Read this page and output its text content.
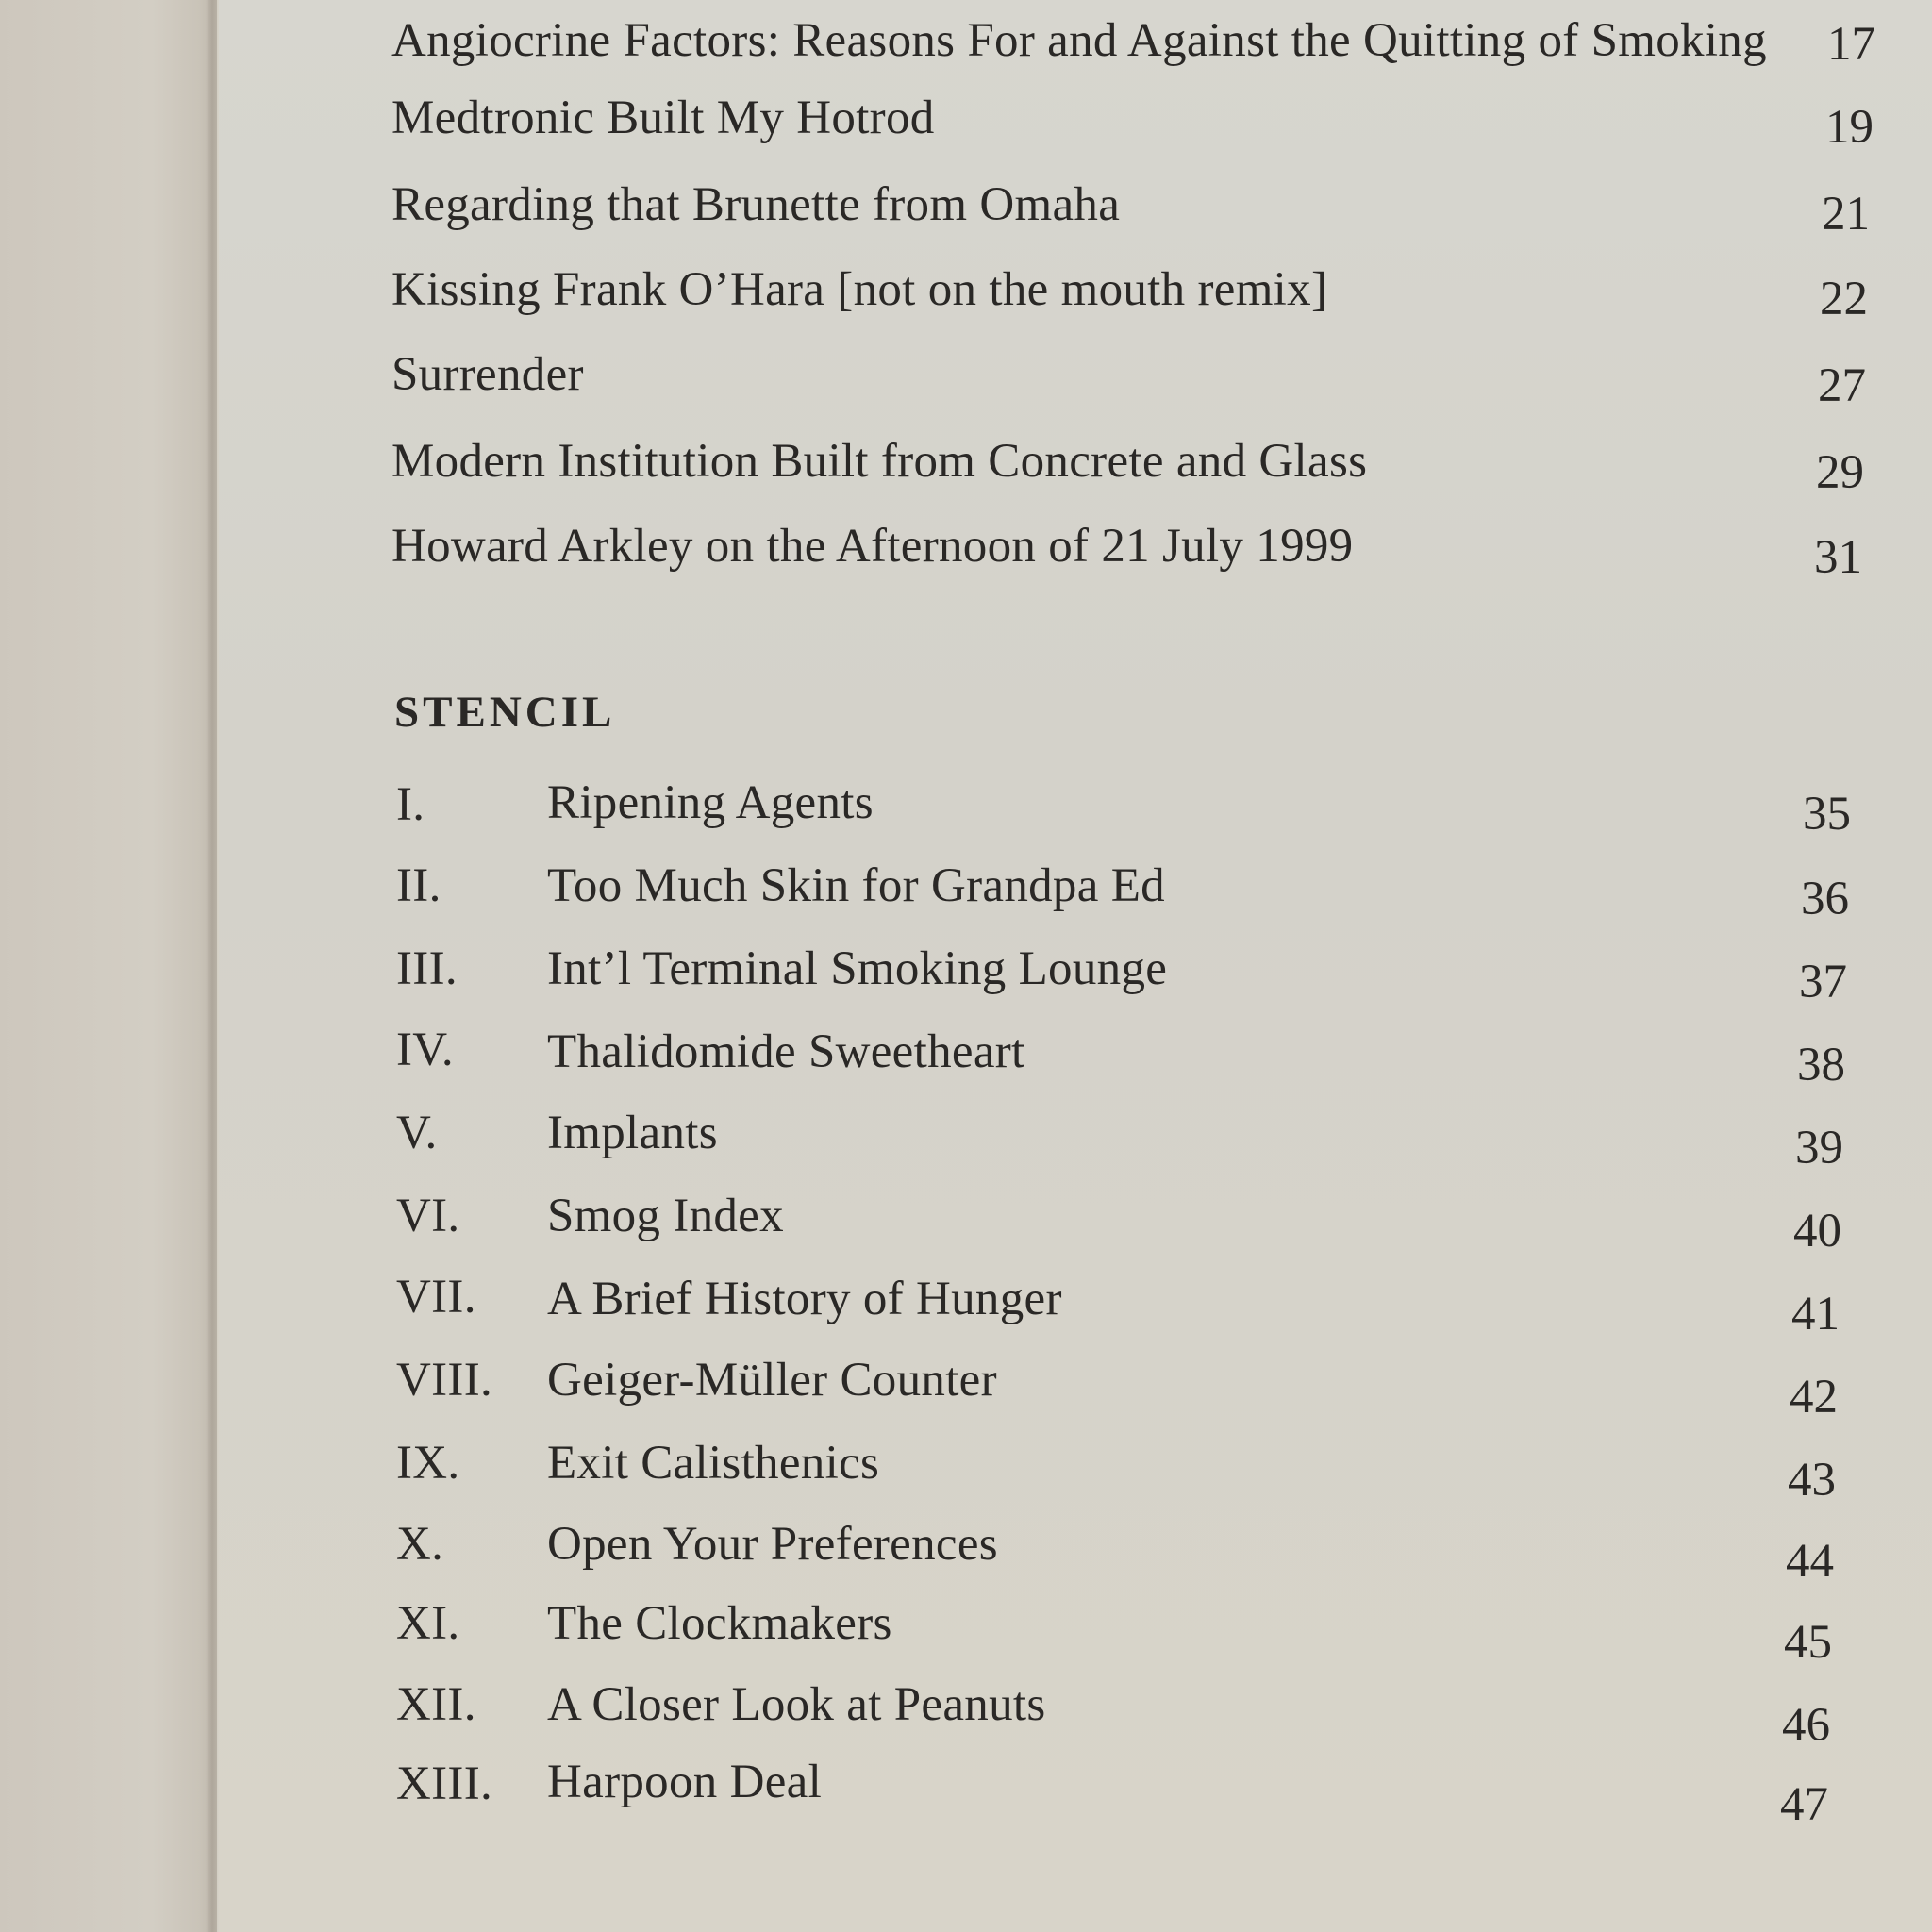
Angiocrine Factors: Reasons For and Against the Quitting of Smoking	17
Medtronic Built My Hotrod	19
Regarding that Brunette from Omaha	21
Kissing Frank O’Hara [not on the mouth remix]	22
Surrender	27
Modern Institution Built from Concrete and Glass	29
Howard Arkley on the Afternoon of 21 July 1999	31
STENCIL
I.	Ripening Agents	35
II. Too Much Skin for Grandpa Ed	36
III. Int’l Terminal Smoking Lounge	37
IV. Thalidomide Sweetheart	38
V. Implants	39
VI. Smog Index	40
VII. A Brief History of Hunger	41
VIII. Geiger-Müller Counter	42
IX. Exit Calisthenics	43
X. Open Your Preferences	44
XI. The Clockmakers	45
XII. A Closer Look at Peanuts	46
XIII. Harpoon Deal	47
